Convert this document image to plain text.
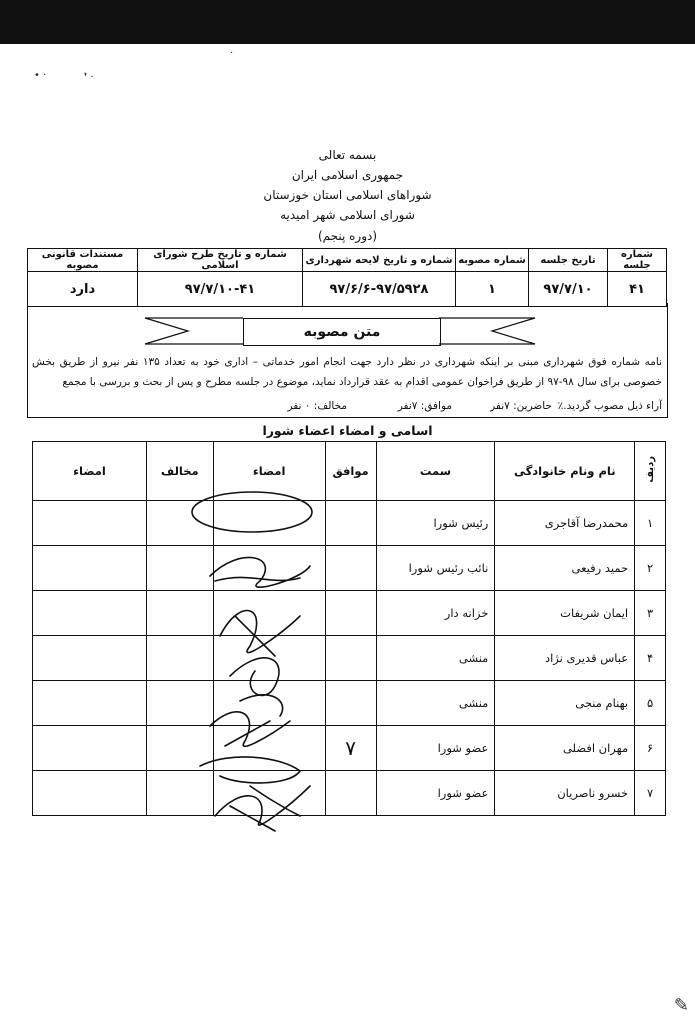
• ·	❜ ·
·
بسمه تعالی
جمهوری اسلامی ایران
شوراهای اسلامی استان خوزستان
شورای اسلامی شهر امیدیه
(دوره پنجم)
شماره جلسه	تاریخ جلسه	شماره مصوبه	شماره و تاریخ لایحه شهرداری	شماره و تاریخ طرح شورای اسلامی	مستندات قانونی مصوبه
۴۱	۹۷/۷/۱۰	۱	۹۷/۶/۶-۹۷/۵۹۲۸	۹۷/۷/۱۰-۴۱	دارد
متن مصوبه
نامه شماره فوق شهرداری مبنی بر اینکه شهرداری در نظر دارد جهت انجام امور خدماتی – اداری خود به تعداد ۱۳۵ نفر نیرو از طریق بخش خصوصی برای سال ۹۸-۹۷ از طریق فراخوان عمومی اقدام به عقد قرارداد نماید، موضوع در جلسه مطرح و پس از بحث و بررسی با مجمع
آراء ذیل مصوب گردید.٪
حاضرین: ۷نفر
موافق: ۷نفر
مخالف: ۰ نفر
اسامی و امضاء اعضاء شورا
ردیف	نام ونام خانوادگی	سمت	موافق	امضاء	مخالف	امضاء
۱	محمدرضا آقاجری	رئیس شورا				
۲	حمید رفیعی	نائب رئیس شورا				
۳	ایمان شریفات	خزانه دار				
۴	عباس قدیری نژاد	منشی				
۵	بهنام منجی	منشی				
۶	مهران افضلی	عضو شورا	٧			
۷	خسرو ناصریان	عضو شورا				
✎
